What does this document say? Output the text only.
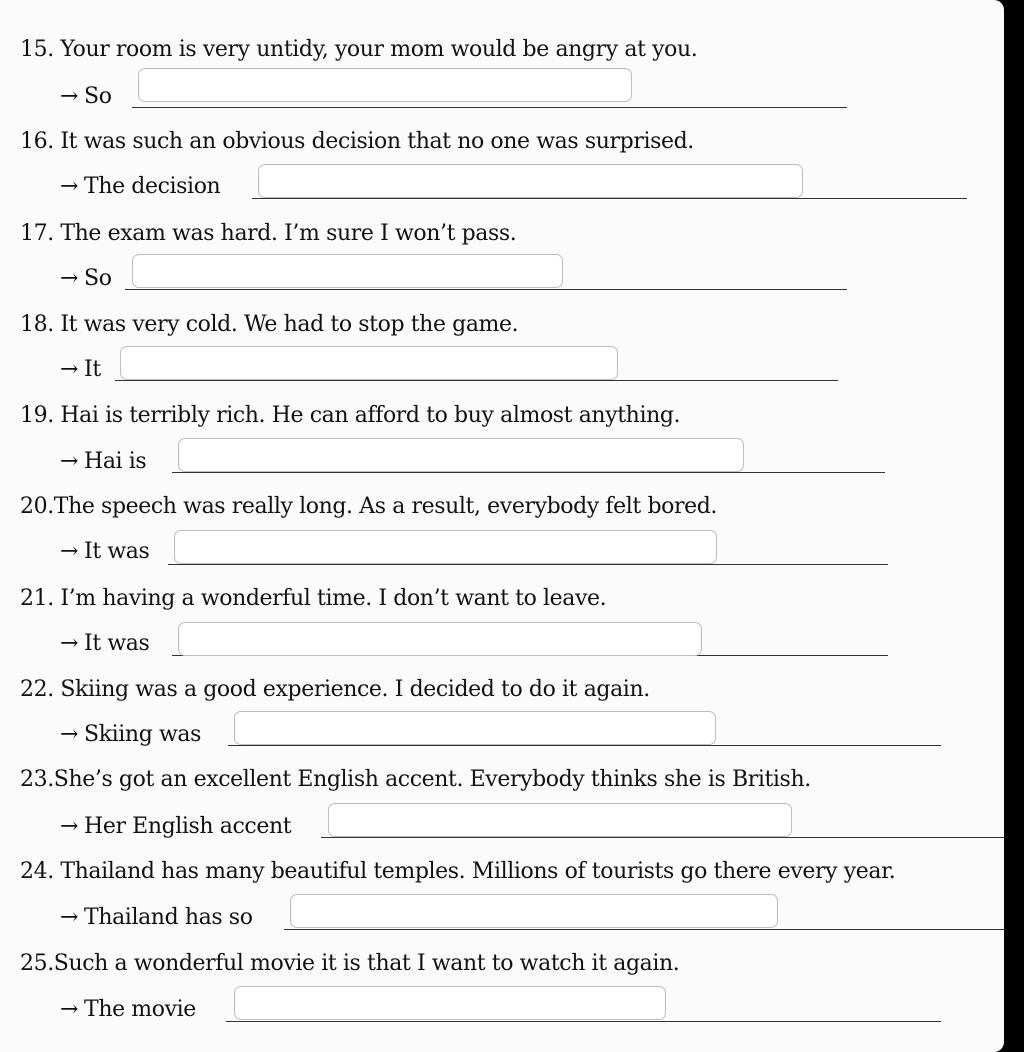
15. Your room is very untidy, your mom would be angry at you.
→ So
16. It was such an obvious decision that no one was surprised.
→ The decision
17. The exam was hard. I’m sure I won’t pass.
→ So
18. It was very cold. We had to stop the game.
→ It
19. Hai is terribly rich. He can afford to buy almost anything.
→ Hai is
20.The speech was really long. As a result, everybody felt bored.
→ It was
21. I’m having a wonderful time. I don’t want to leave.
→ It was
22. Skiing was a good experience. I decided to do it again.
→ Skiing was
23.She’s got an excellent English accent. Everybody thinks she is British.
→ Her English accent
24. Thailand has many beautiful temples. Millions of tourists go there every year.
→ Thailand has so
25.Such a wonderful movie it is that I want to watch it again.
→ The movie
